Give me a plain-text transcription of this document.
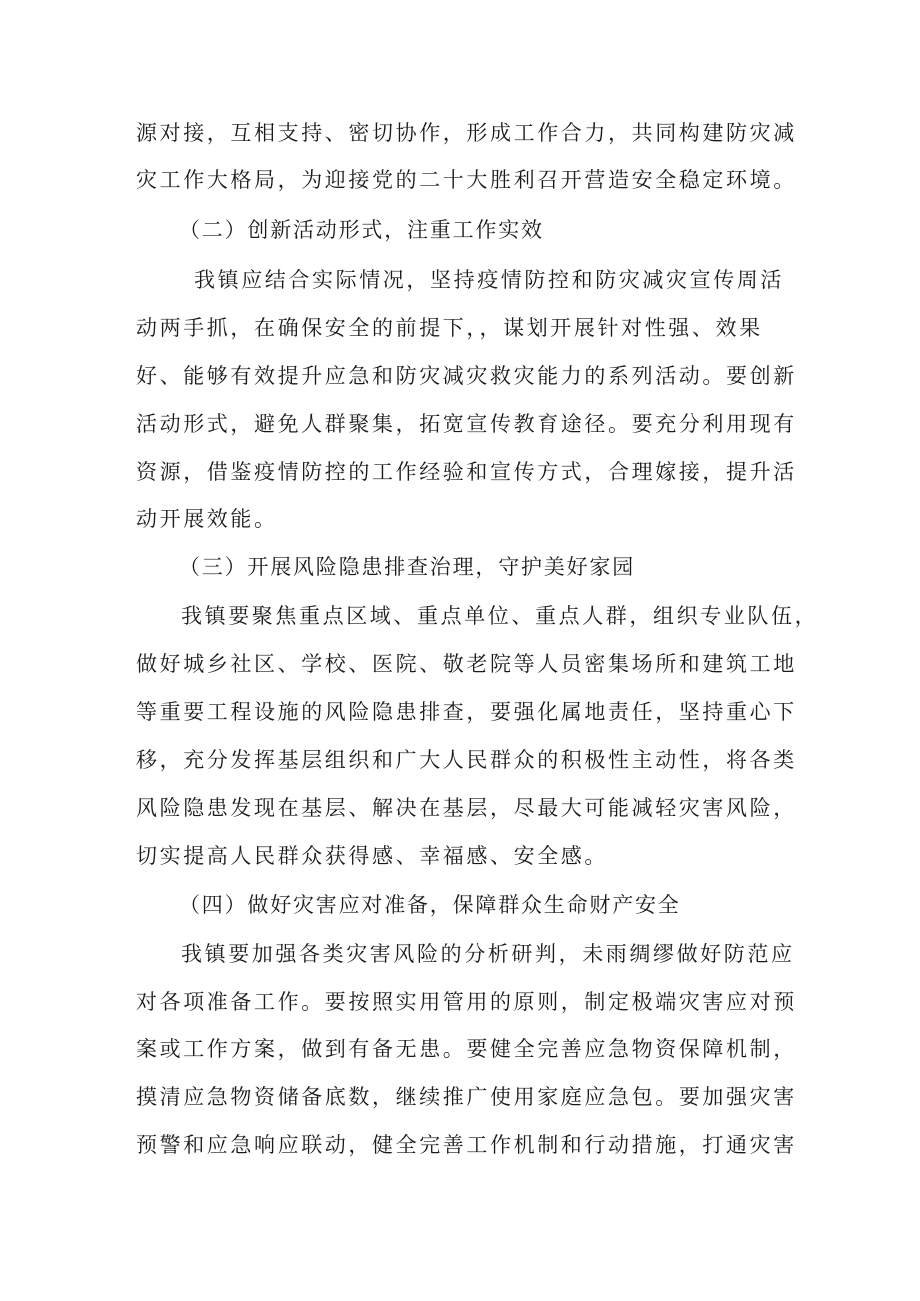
源对接，互相支持、密切协作，形成工作合力，共同构建防灾减
灾工作大格局，为迎接党的二十大胜利召开营造安全稳定环境。
（二）创新活动形式，注重工作实效
我镇应结合实际情况，坚持疫情防控和防灾减灾宣传周活
动两手抓，在确保安全的前提下，，谋划开展针对性强、效果
好、能够有效提升应急和防灾减灾救灾能力的系列活动。要创新
活动形式，避免人群聚集，拓宽宣传教育途径。要充分利用现有
资源，借鉴疫情防控的工作经验和宣传方式，合理嫁接，提升活
动开展效能。
（三）开展风险隐患排查治理，守护美好家园
我镇要聚焦重点区域、重点单位、重点人群，组织专业队伍，
做好城乡社区、学校、医院、敬老院等人员密集场所和建筑工地
等重要工程设施的风险隐患排查，要强化属地责任，坚持重心下
移，充分发挥基层组织和广大人民群众的积极性主动性，将各类
风险隐患发现在基层、解决在基层，尽最大可能减轻灾害风险，
切实提高人民群众获得感、幸福感、安全感。
（四）做好灾害应对准备，保障群众生命财产安全
我镇要加强各类灾害风险的分析研判，未雨绸缪做好防范应
对各项准备工作。要按照实用管用的原则，制定极端灾害应对预
案或工作方案，做到有备无患。要健全完善应急物资保障机制，
摸清应急物资储备底数，继续推广使用家庭应急包。要加强灾害
预警和应急响应联动，健全完善工作机制和行动措施，打通灾害
